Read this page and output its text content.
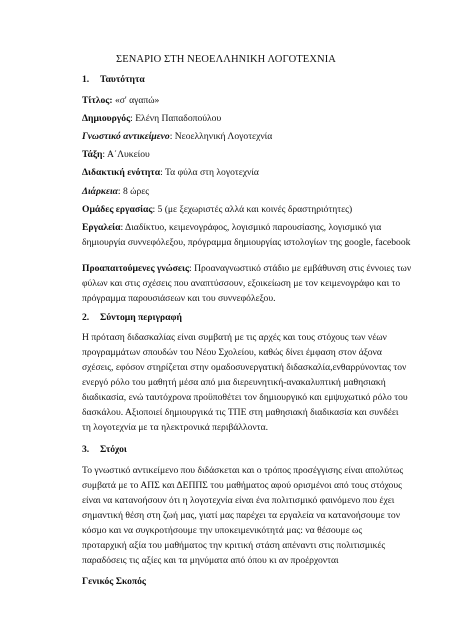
ΣΕΝΑΡΙΟ ΣΤΗ ΝΕΟΕΛΛΗΝΙΚΗ ΛΟΓΟΤΕΧΝΙΑ
1. Ταυτότητα
Τίτλος: «σ' αγαπώ»
Δημιουργός: Ελένη Παπαδοπούλου
Γνωστικό αντικείμενο: Νεοελληνική Λογοτεχνία
Τάξη: Α΄Λυκείου
Διδακτική ενότητα: Τα φύλα στη λογοτεχνία
Διάρκεια: 8 ώρες
Ομάδες εργασίας: 5 (με ξεχωριστές αλλά και κοινές δραστηριότητες)
Εργαλεία: Διαδίκτυο, κειμενογράφος, λογισμικό παρουσίασης, λογισμικό για
δημιουργία συννεφόλεξου, πρόγραμμα δημιουργίας ιστολογίων της google, facebook
Προαπαιτούμενες γνώσεις: Προαναγνωστικό στάδιο με εμβάθυνση στις έννοιες των
φύλων και στις σχέσεις που αναπτύσσουν, εξοικείωση με τον κειμενογράφο και το
πρόγραμμα παρουσιάσεων και του συννεφόλεξου.
2. Σύντομη περιγραφή
Η πρόταση διδασκαλίας είναι συμβατή με τις αρχές και τους στόχους των νέων
προγραμμάτων σπουδών του Νέου Σχολείου, καθώς δίνει έμφαση στον άξονα
σχέσεις, εφόσον στηρίζεται στην ομαδοσυνεργατική διδασκαλία,ενθαρρύνοντας τον
ενεργό ρόλο του μαθητή μέσα από μια διερευνητική-ανακαλυπτική μαθησιακή
διαδικασία, ενώ ταυτόχρονα προϋποθέτει τον δημιουργικό και εμψυχωτικό ρόλο του
δασκάλου. Αξιοποιεί δημιουργικά τις ΤΠΕ στη μαθησιακή διαδικασία και συνδέει
τη λογοτεχνία με τα ηλεκτρονικά περιβάλλοντα.
3. Στόχοι
Το γνωστικό αντικείμενο που διδάσκεται και ο τρόπος προσέγγισης είναι απολύτως
συμβατά με το ΑΠΣ και ΔΕΠΠΣ του μαθήματος αφού ορισμένοι από τους στόχους
είναι να κατανοήσουν ότι η λογοτεχνία είναι ένα πολιτισμικό φαινόμενο που έχει
σημαντική θέση στη ζωή μας, γιατί μας παρέχει τα εργαλεία να κατανοήσουμε τον
κόσμο και να συγκροτήσουμε την υποκειμενικότητά μας: να θέσουμε ως
προταρχική αξία του μαθήματος την κριτική στάση απέναντι στις πολιτισμικές
παραδόσεις τις αξίες και τα μηνύματα από όπου κι αν προέρχονται
Γενικός Σκοπός
